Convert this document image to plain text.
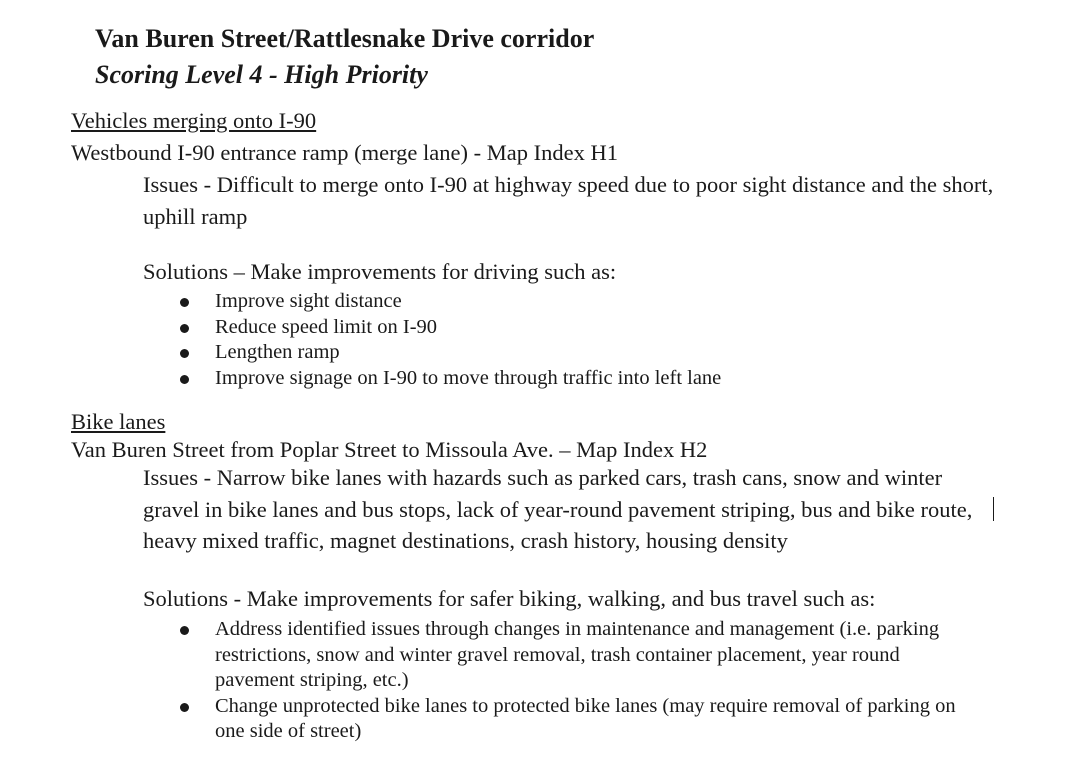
Van Buren Street/Rattlesnake Drive corridor
Scoring Level 4 - High Priority
Vehicles merging onto I-90
Westbound I-90 entrance ramp (merge lane) - Map Index H1
Issues - Difficult to merge onto I-90 at highway speed due to poor sight distance and the short, uphill ramp
Solutions – Make improvements for driving such as:
Improve sight distance
Reduce speed limit on I-90
Lengthen ramp
Improve signage on I-90 to move through traffic into left lane
Bike lanes
Van Buren Street from Poplar Street to Missoula Ave. – Map Index H2
Issues - Narrow bike lanes with hazards such as parked cars, trash cans, snow and winter gravel in bike lanes and bus stops, lack of year-round pavement striping, bus and bike route, heavy mixed traffic, magnet destinations, crash history, housing density
Solutions - Make improvements for safer biking, walking, and bus travel such as:
Address identified issues through changes in maintenance and management (i.e. parking restrictions, snow and winter gravel removal, trash container placement, year round pavement striping, etc.)
Change unprotected bike lanes to protected bike lanes (may require removal of parking on one side of street)
